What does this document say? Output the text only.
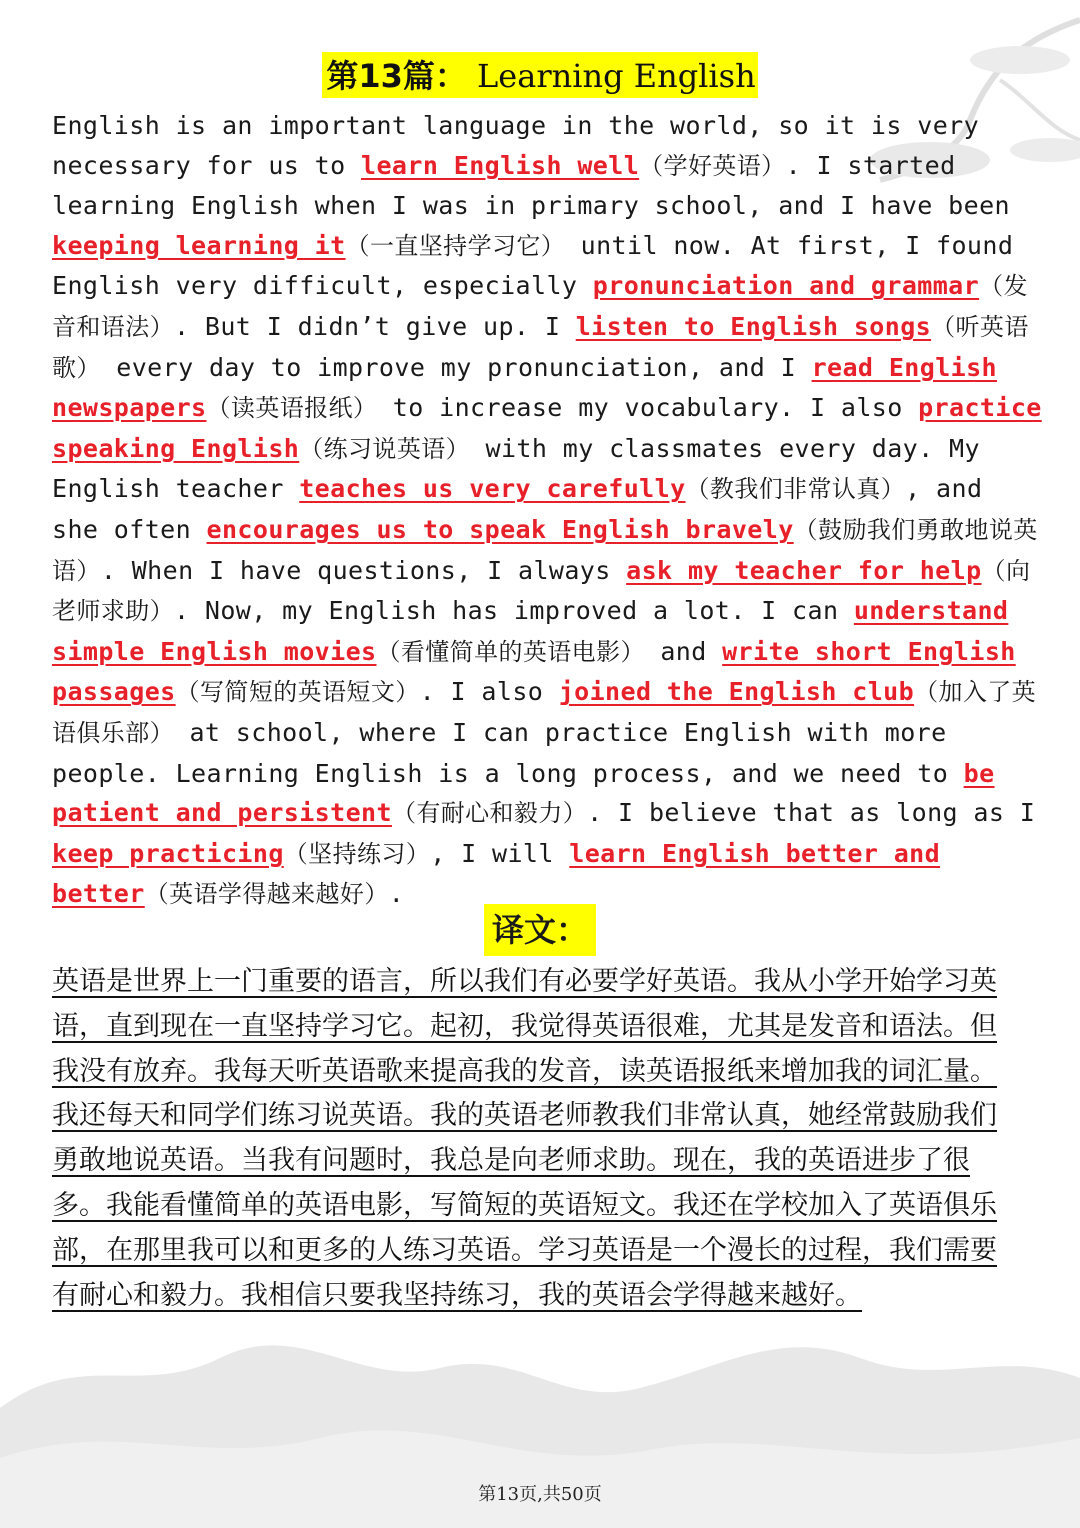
第13篇： Learning English

English is an important language in the world, so it is very necessary for us to learn English well（学好英语）. I started learning English when I was in primary school, and I have been keeping learning it（一直坚持学习它） until now. At first, I found English very difficult, especially pronunciation and grammar（发音和语法）. But I didn’t give up. I listen to English songs（听英语歌） every day to improve my pronunciation, and I read English newspapers（读英语报纸） to increase my vocabulary. I also practice speaking English（练习说英语） with my classmates every day. My English teacher teaches us very carefully（教我们非常认真）, and she often encourages us to speak English bravely（鼓励我们勇敢地说英语）. When I have questions, I always ask my teacher for help（向老师求助）. Now, my English has improved a lot. I can understand simple English movies（看懂简单的英语电影） and write short English passages（写简短的英语短文）. I also joined the English club（加入了英语俱乐部） at school, where I can practice English with more people. Learning English is a long process, and we need to be patient and persistent（有耐心和毅力）. I believe that as long as I keep practicing（坚持练习）, I will learn English better and better（英语学得越来越好）.

译文：

英语是世界上一门重要的语言，所以我们有必要学好英语。我从小学开始学习英语，直到现在一直坚持学习它。起初，我觉得英语很难，尤其是发音和语法。但我没有放弃。我每天听英语歌来提高我的发音，读英语报纸来增加我的词汇量。我还每天和同学们练习说英语。我的英语老师教我们非常认真，她经常鼓励我们勇敢地说英语。当我有问题时，我总是向老师求助。现在，我的英语进步了很多。我能看懂简单的英语电影，写简短的英语短文。我还在学校加入了英语俱乐部，在那里我可以和更多的人练习英语。学习英语是一个漫长的过程，我们需要有耐心和毅力。我相信只要我坚持练习，我的英语会学得越来越好。

第13页,共50页
